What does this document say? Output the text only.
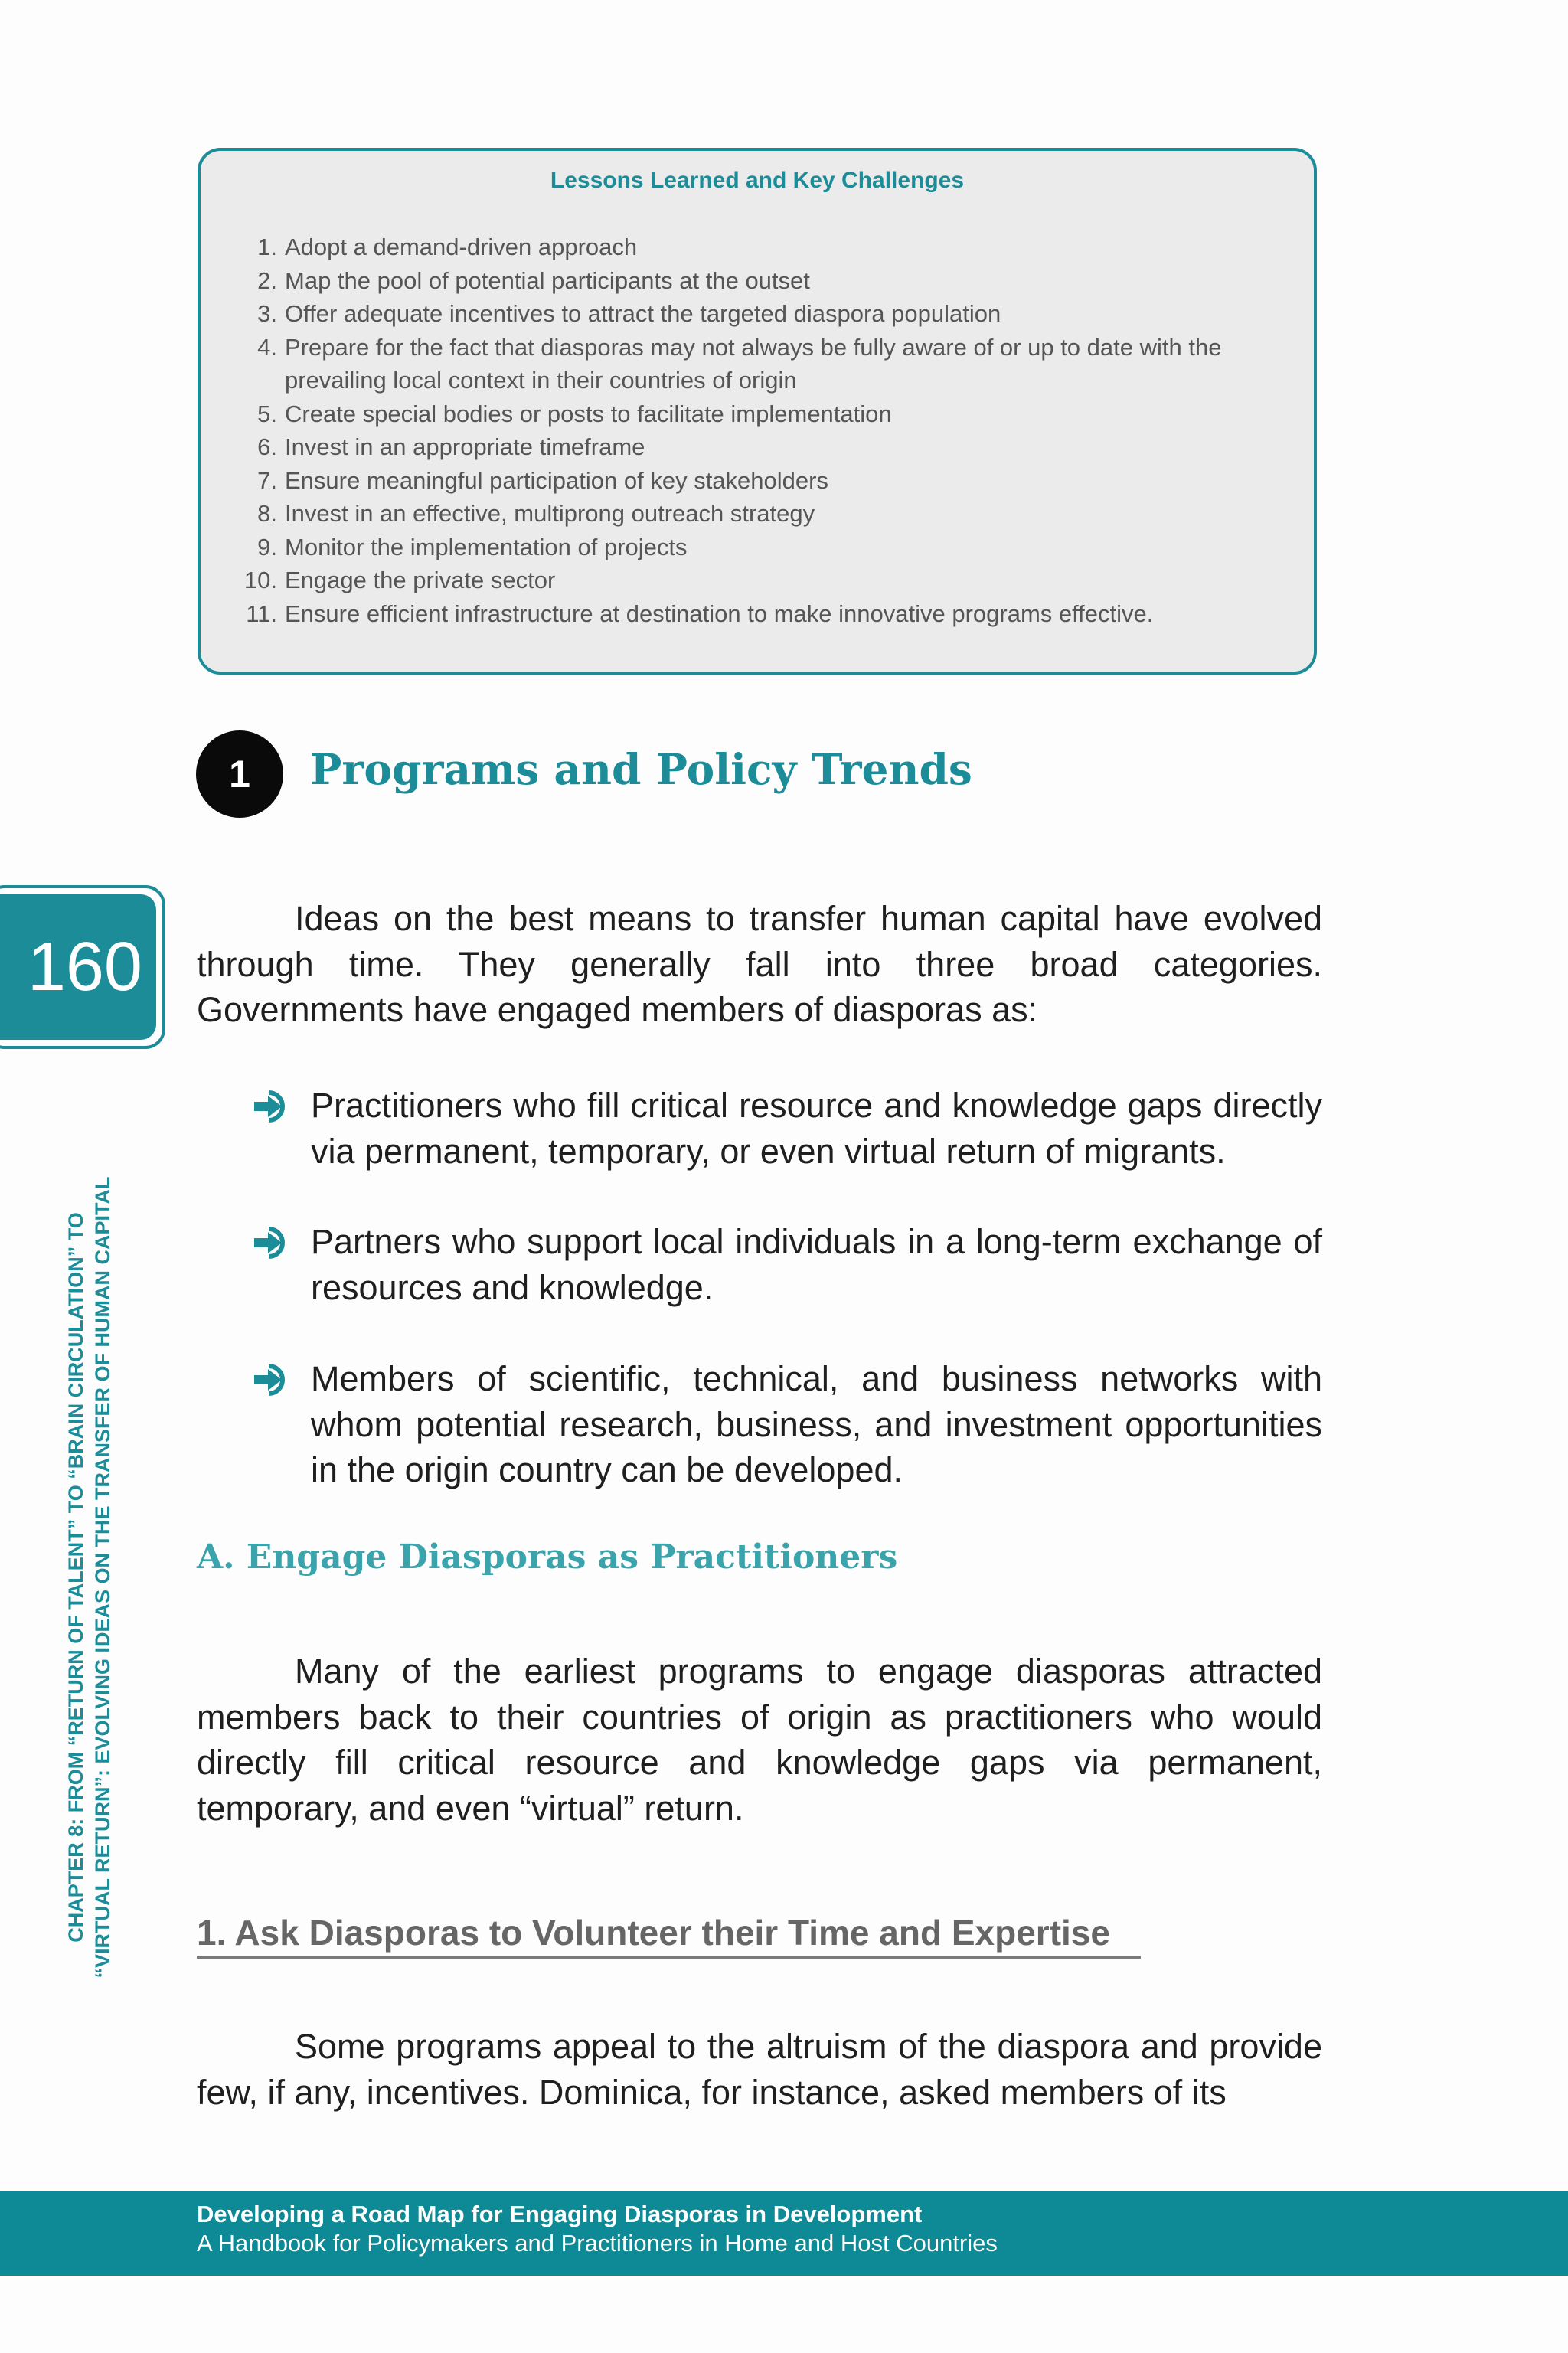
Lessons Learned and Key Challenges
1. Adopt a demand-driven approach
2. Map the pool of potential participants at the outset
3. Offer adequate incentives to attract the targeted diaspora population
4. Prepare for the fact that diasporas may not always be fully aware of or up to date with the prevailing local context in their countries of origin
5. Create special bodies or posts to facilitate implementation
6. Invest in an appropriate timeframe
7. Ensure meaningful participation of key stakeholders
8. Invest in an effective, multiprong outreach strategy
9. Monitor the implementation of projects
10. Engage the private sector
11. Ensure efficient infrastructure at destination to make innovative programs effective.
1	Programs and Policy Trends
160
CHAPTER 8: FROM “RETURN OF TALENT” TO “BRAIN CIRCULATION” TO “VIRTUAL RETURN”: EVOLVING IDEAS ON THE TRANSFER OF HUMAN CAPITAL

Ideas on the best means to transfer human capital have evolved through time. They generally fall into three broad categories. Governments have engaged members of diasporas as:

Practitioners who fill critical resource and knowledge gaps directly via permanent, temporary, or even virtual return of migrants.

Partners who support local individuals in a long-term exchange of resources and knowledge.

Members of scientific, technical, and business networks with whom potential research, business, and investment opportunities in the origin country can be developed.

A. Engage Diasporas as Practitioners

Many of the earliest programs to engage diasporas attracted members back to their countries of origin as practitioners who would directly fill critical resource and knowledge gaps via permanent, temporary, and even “virtual” return.

1. Ask Diasporas to Volunteer their Time and Expertise

Some programs appeal to the altruism of the diaspora and provide few, if any, incentives. Dominica, for instance, asked members of its

Developing a Road Map for Engaging Diasporas in Development
A Handbook for Policymakers and Practitioners in Home and Host Countries
